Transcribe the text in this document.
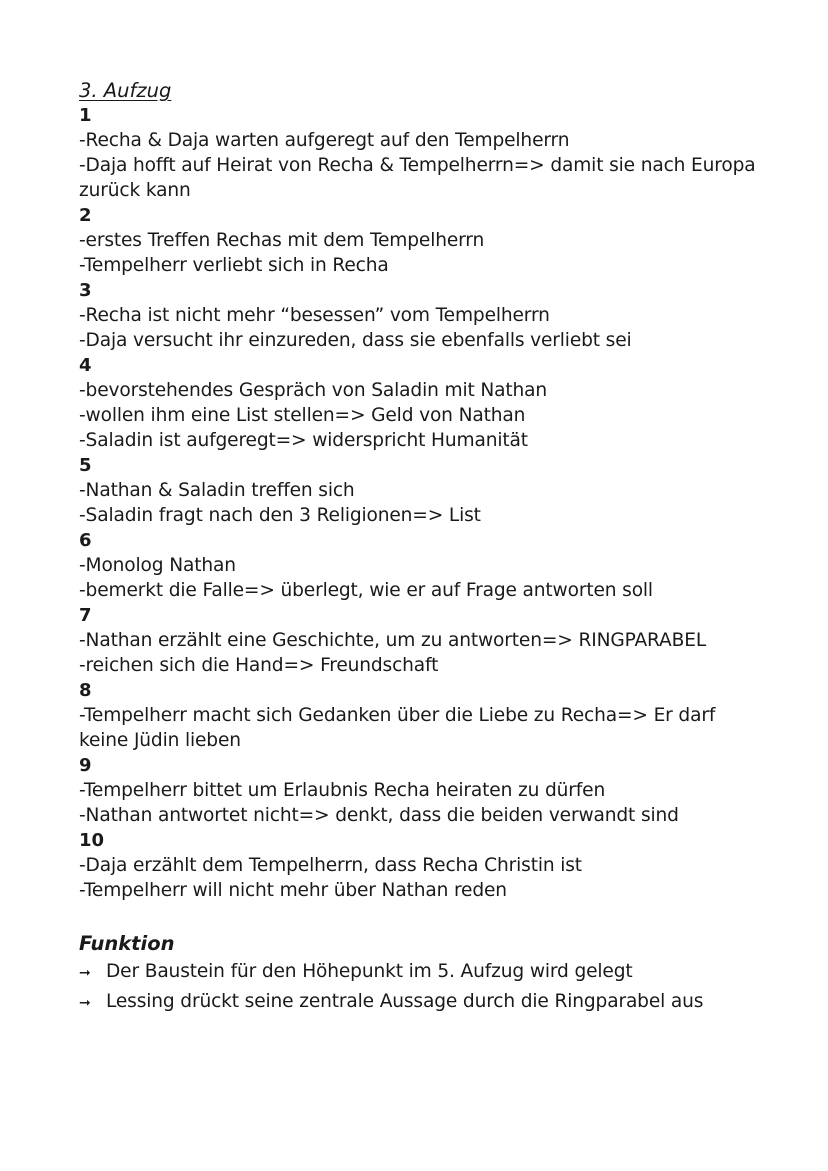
3. Aufzug
1
-Recha & Daja warten aufgeregt auf den Tempelherrn
-Daja hofft auf Heirat von Recha & Tempelherrn=> damit sie nach Europa
zurück kann
2
-erstes Treffen Rechas mit dem Tempelherrn
-Tempelherr verliebt sich in Recha
3
-Recha ist nicht mehr “besessen” vom Tempelherrn
-Daja versucht ihr einzureden, dass sie ebenfalls verliebt sei
4
-bevorstehendes Gespräch von Saladin mit Nathan
-wollen ihm eine List stellen=> Geld von Nathan
-Saladin ist aufgeregt=> widerspricht Humanität
5
-Nathan & Saladin treffen sich
-Saladin fragt nach den 3 Religionen=> List
6
-Monolog Nathan
-bemerkt die Falle=> überlegt, wie er auf Frage antworten soll
7
-Nathan erzählt eine Geschichte, um zu antworten=> RINGPARABEL
-reichen sich die Hand=> Freundschaft
8
-Tempelherr macht sich Gedanken über die Liebe zu Recha=> Er darf
keine Jüdin lieben
9
-Tempelherr bittet um Erlaubnis Recha heiraten zu dürfen
-Nathan antwortet nicht=> denkt, dass die beiden verwandt sind
10
-Daja erzählt dem Tempelherrn, dass Recha Christin ist
-Tempelherr will nicht mehr über Nathan reden
Funktion
➞ Der Baustein für den Höhepunkt im 5. Aufzug wird gelegt
➞ Lessing drückt seine zentrale Aussage durch die Ringparabel aus
